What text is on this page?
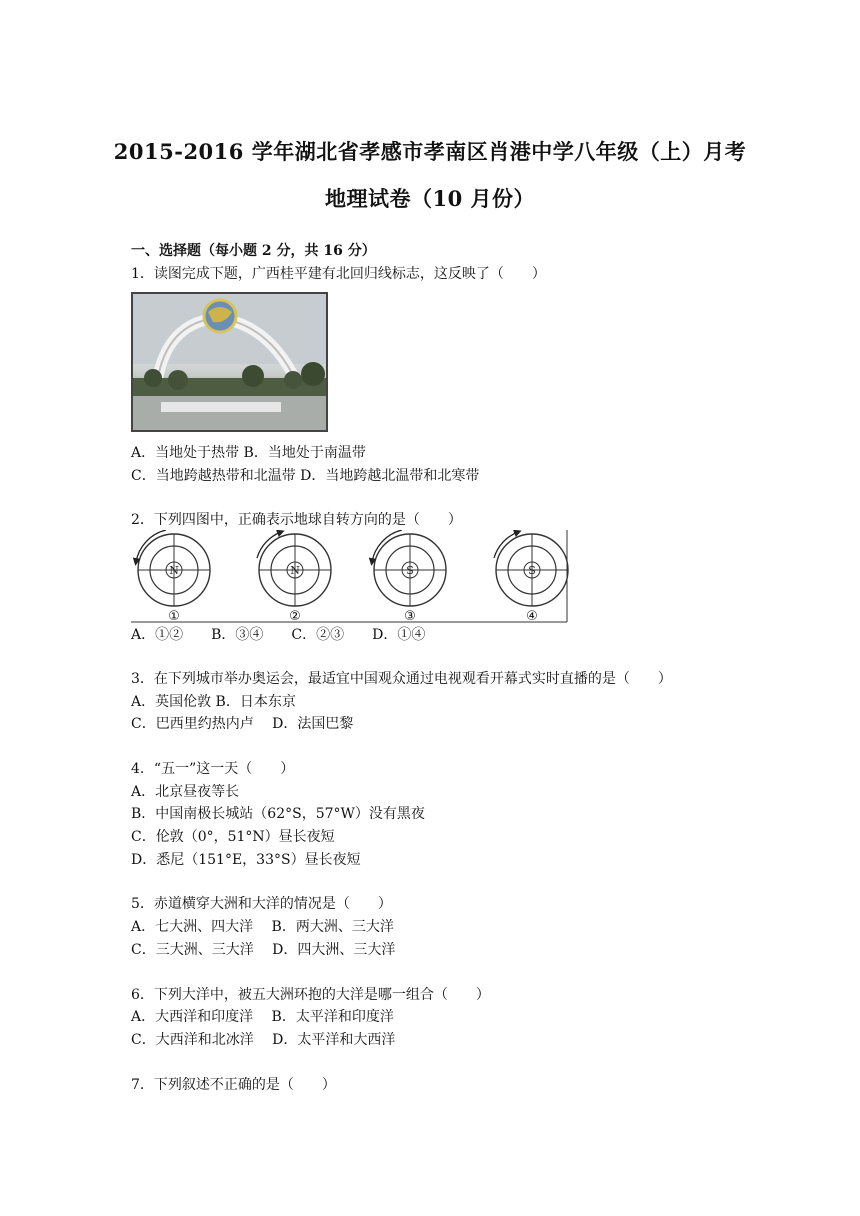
2015-2016 学年湖北省孝感市孝南区肖港中学八年级（上）月考
地理试卷（10 月份）
一、选择题（每小题 2 分，共 16 分）
1．读图完成下题，广西桂平建有北回归线标志，这反映了（　　）
A．当地处于热带 B．当地处于南温带
C．当地跨越热带和北温带 D．当地跨越北温带和北寒带
2．下列四图中，正确表示地球自转方向的是（　　）
N
①
N
②
S
③
S
④
A．①②　　B．③④　　C．②③　　D．①④
3．在下列城市举办奥运会，最适宜中国观众通过电视观看开幕式实时直播的是（　　）
A．英国伦敦 B．日本东京
C．巴西里约热内卢　 D．法国巴黎
4．“五一”这一天（　　）
A．北京昼夜等长
B．中国南极长城站（62°S，57°W）没有黑夜
C．伦敦（0°，51°N）昼长夜短
D．悉尼（151°E，33°S）昼长夜短
5．赤道横穿大洲和大洋的情况是（　　）
A．七大洲、四大洋　 B．两大洲、三大洋
C．三大洲、三大洋　 D．四大洲、三大洋
6．下列大洋中，被五大洲环抱的大洋是哪一组合（　　）
A．大西洋和印度洋　 B．太平洋和印度洋
C．大西洋和北冰洋　 D．太平洋和大西洋
7．下列叙述不正确的是（　　）
